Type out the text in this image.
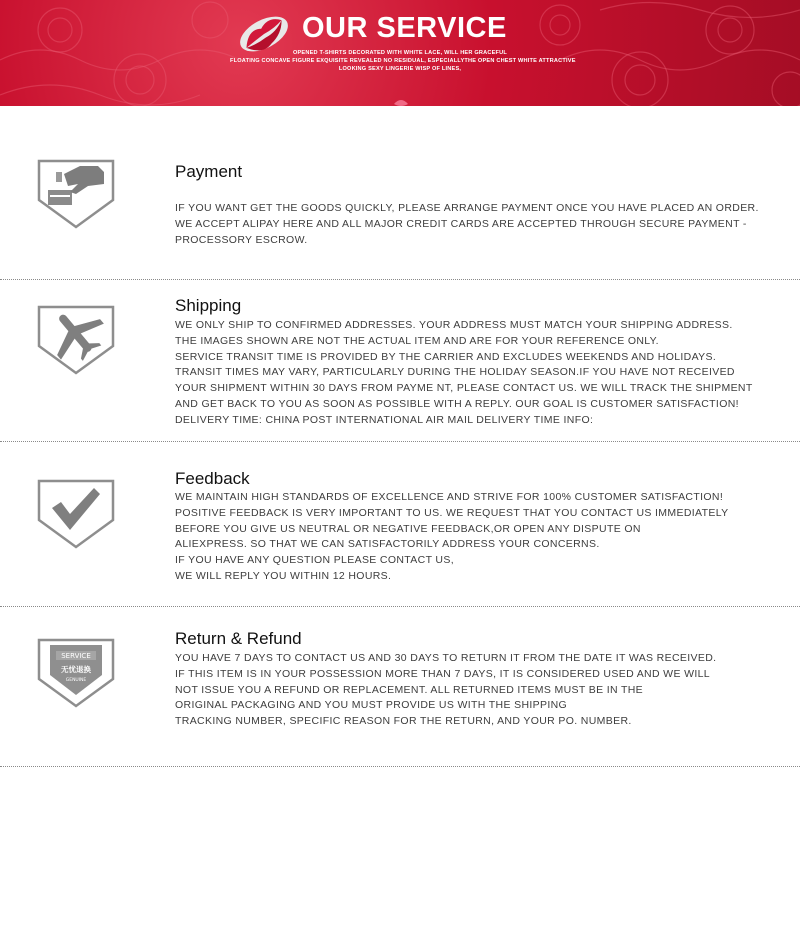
OUR SERVICE
OPENED T-SHIRTS DECORATED WITH WHITE LACE, WILL HER GRACEFUL
FLOATING CONCAVE FIGURE EXQUISITE REVEALED NO RESIDUAL, ESPECIALLYTHE OPEN CHEST WHITE ATTRACTIVE
LOOKING SEXY LINGERIE WISP OF LINES,
Payment
IF YOU WANT GET THE GOODS QUICKLY, PLEASE ARRANGE PAYMENT ONCE YOU HAVE PLACED AN ORDER.
WE ACCEPT ALIPAY HERE AND ALL MAJOR CREDIT CARDS ARE ACCEPTED THROUGH SECURE PAYMENT -
PROCESSORY ESCROW.
Shipping
WE ONLY SHIP TO CONFIRMED ADDRESSES. YOUR ADDRESS MUST MATCH YOUR SHIPPING ADDRESS.
THE IMAGES SHOWN ARE NOT THE ACTUAL ITEM AND ARE FOR YOUR REFERENCE ONLY.
SERVICE TRANSIT TIME IS PROVIDED BY THE CARRIER AND EXCLUDES WEEKENDS AND HOLIDAYS.
TRANSIT TIMES MAY VARY, PARTICULARLY DURING THE HOLIDAY SEASON.IF YOU HAVE NOT RECEIVED
YOUR SHIPMENT WITHIN 30 DAYS FROM PAYME NT, PLEASE CONTACT US. WE WILL TRACK THE SHIPMENT
AND GET BACK TO YOU AS SOON AS POSSIBLE WITH A REPLY. OUR GOAL IS CUSTOMER SATISFACTION!
DELIVERY TIME: CHINA POST INTERNATIONAL AIR MAIL DELIVERY TIME INFO:
Feedback
WE MAINTAIN HIGH STANDARDS OF EXCELLENCE AND STRIVE FOR 100% CUSTOMER SATISFACTION!
POSITIVE FEEDBACK IS VERY IMPORTANT TO US. WE REQUEST THAT YOU CONTACT US IMMEDIATELY
BEFORE YOU GIVE US NEUTRAL OR NEGATIVE FEEDBACK,OR OPEN ANY DISPUTE ON
ALIEXPRESS. SO THAT WE CAN SATISFACTORILY ADDRESS YOUR CONCERNS.
IF YOU HAVE ANY QUESTION PLEASE CONTACT US,
WE WILL REPLY YOU WITHIN 12 HOURS.
SERVICE
无忧退换
GENUINE
Return & Refund
YOU HAVE 7 DAYS TO CONTACT US AND 30 DAYS TO RETURN IT FROM THE DATE IT WAS RECEIVED.
IF THIS ITEM IS IN YOUR POSSESSION MORE THAN 7 DAYS, IT IS CONSIDERED USED AND WE WILL
NOT ISSUE YOU A REFUND OR REPLACEMENT. ALL RETURNED ITEMS MUST BE IN THE
ORIGINAL PACKAGING AND YOU MUST PROVIDE US WITH THE SHIPPING
TRACKING NUMBER, SPECIFIC REASON FOR THE RETURN, AND YOUR PO. NUMBER.
